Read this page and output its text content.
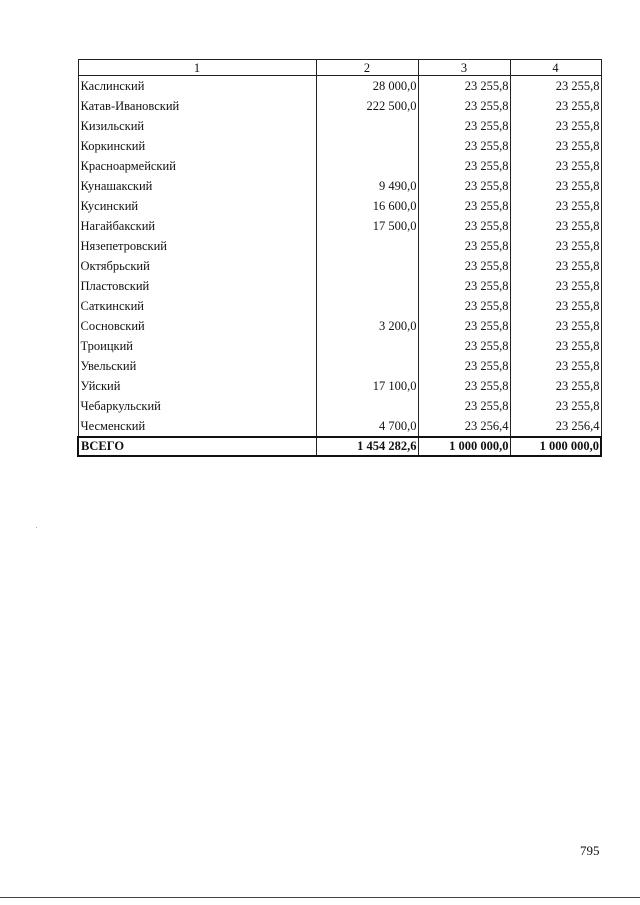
1	2	3	4
Каслинский	28 000,0	23 255,8	23 255,8
Катав-Ивановский	222 500,0	23 255,8	23 255,8
Кизильский		23 255,8	23 255,8
Коркинский		23 255,8	23 255,8
Красноармейский		23 255,8	23 255,8
Кунашакский	9 490,0	23 255,8	23 255,8
Кусинский	16 600,0	23 255,8	23 255,8
Нагайбакский	17 500,0	23 255,8	23 255,8
Нязепетровский		23 255,8	23 255,8
Октябрьский		23 255,8	23 255,8
Пластовский		23 255,8	23 255,8
Саткинский		23 255,8	23 255,8
Сосновский	3 200,0	23 255,8	23 255,8
Троицкий		23 255,8	23 255,8
Увельский		23 255,8	23 255,8
Уйский	17 100,0	23 255,8	23 255,8
Чебаркульский		23 255,8	23 255,8
Чесменский	4 700,0	23 256,4	23 256,4
ВСЕГО	1 454 282,6	1 000 000,0	1 000 000,0
795
